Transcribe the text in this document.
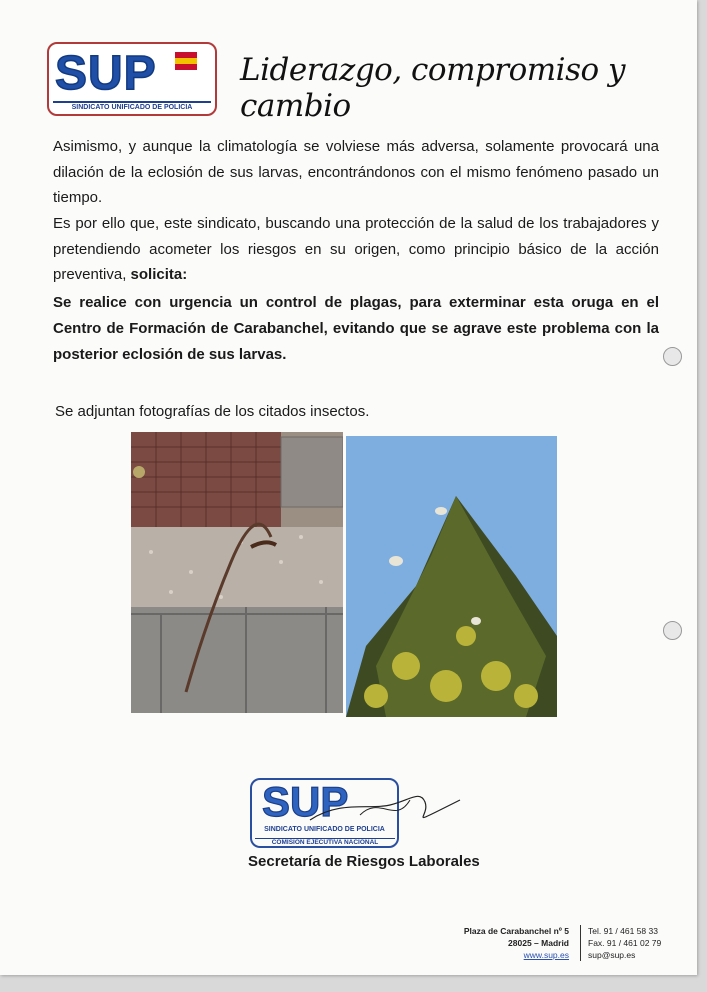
SUP
SINDICATO UNIFICADO DE POLICIA
Liderazgo, compromiso y cambio
Asimismo, y aunque la climatología se volviese más adversa, solamente provocará una dilación de la eclosión de sus larvas, encontrándonos con el mismo fenómeno pasado un tiempo.
Es por ello que, este sindicato, buscando una protección de la salud de los trabajadores y pretendiendo acometer los riesgos en su origen, como principio básico de la acción preventiva, solicita:
Se realice con urgencia un control de plagas, para exterminar esta oruga en el Centro de Formación de Carabanchel, evitando que se agrave este problema con la posterior eclosión de sus larvas.
Se adjuntan fotografías de los citados insectos.
SUP
SINDICATO UNIFICADO DE POLICIA
COMISIÓN EJECUTIVA NACIONAL
Secretaría de Riesgos Laborales
Plaza de Carabanchel nº 5
28025 – Madrid
www.sup.es
Tel. 91 / 461 58 33
Fax. 91 / 461 02 79
sup@sup.es
